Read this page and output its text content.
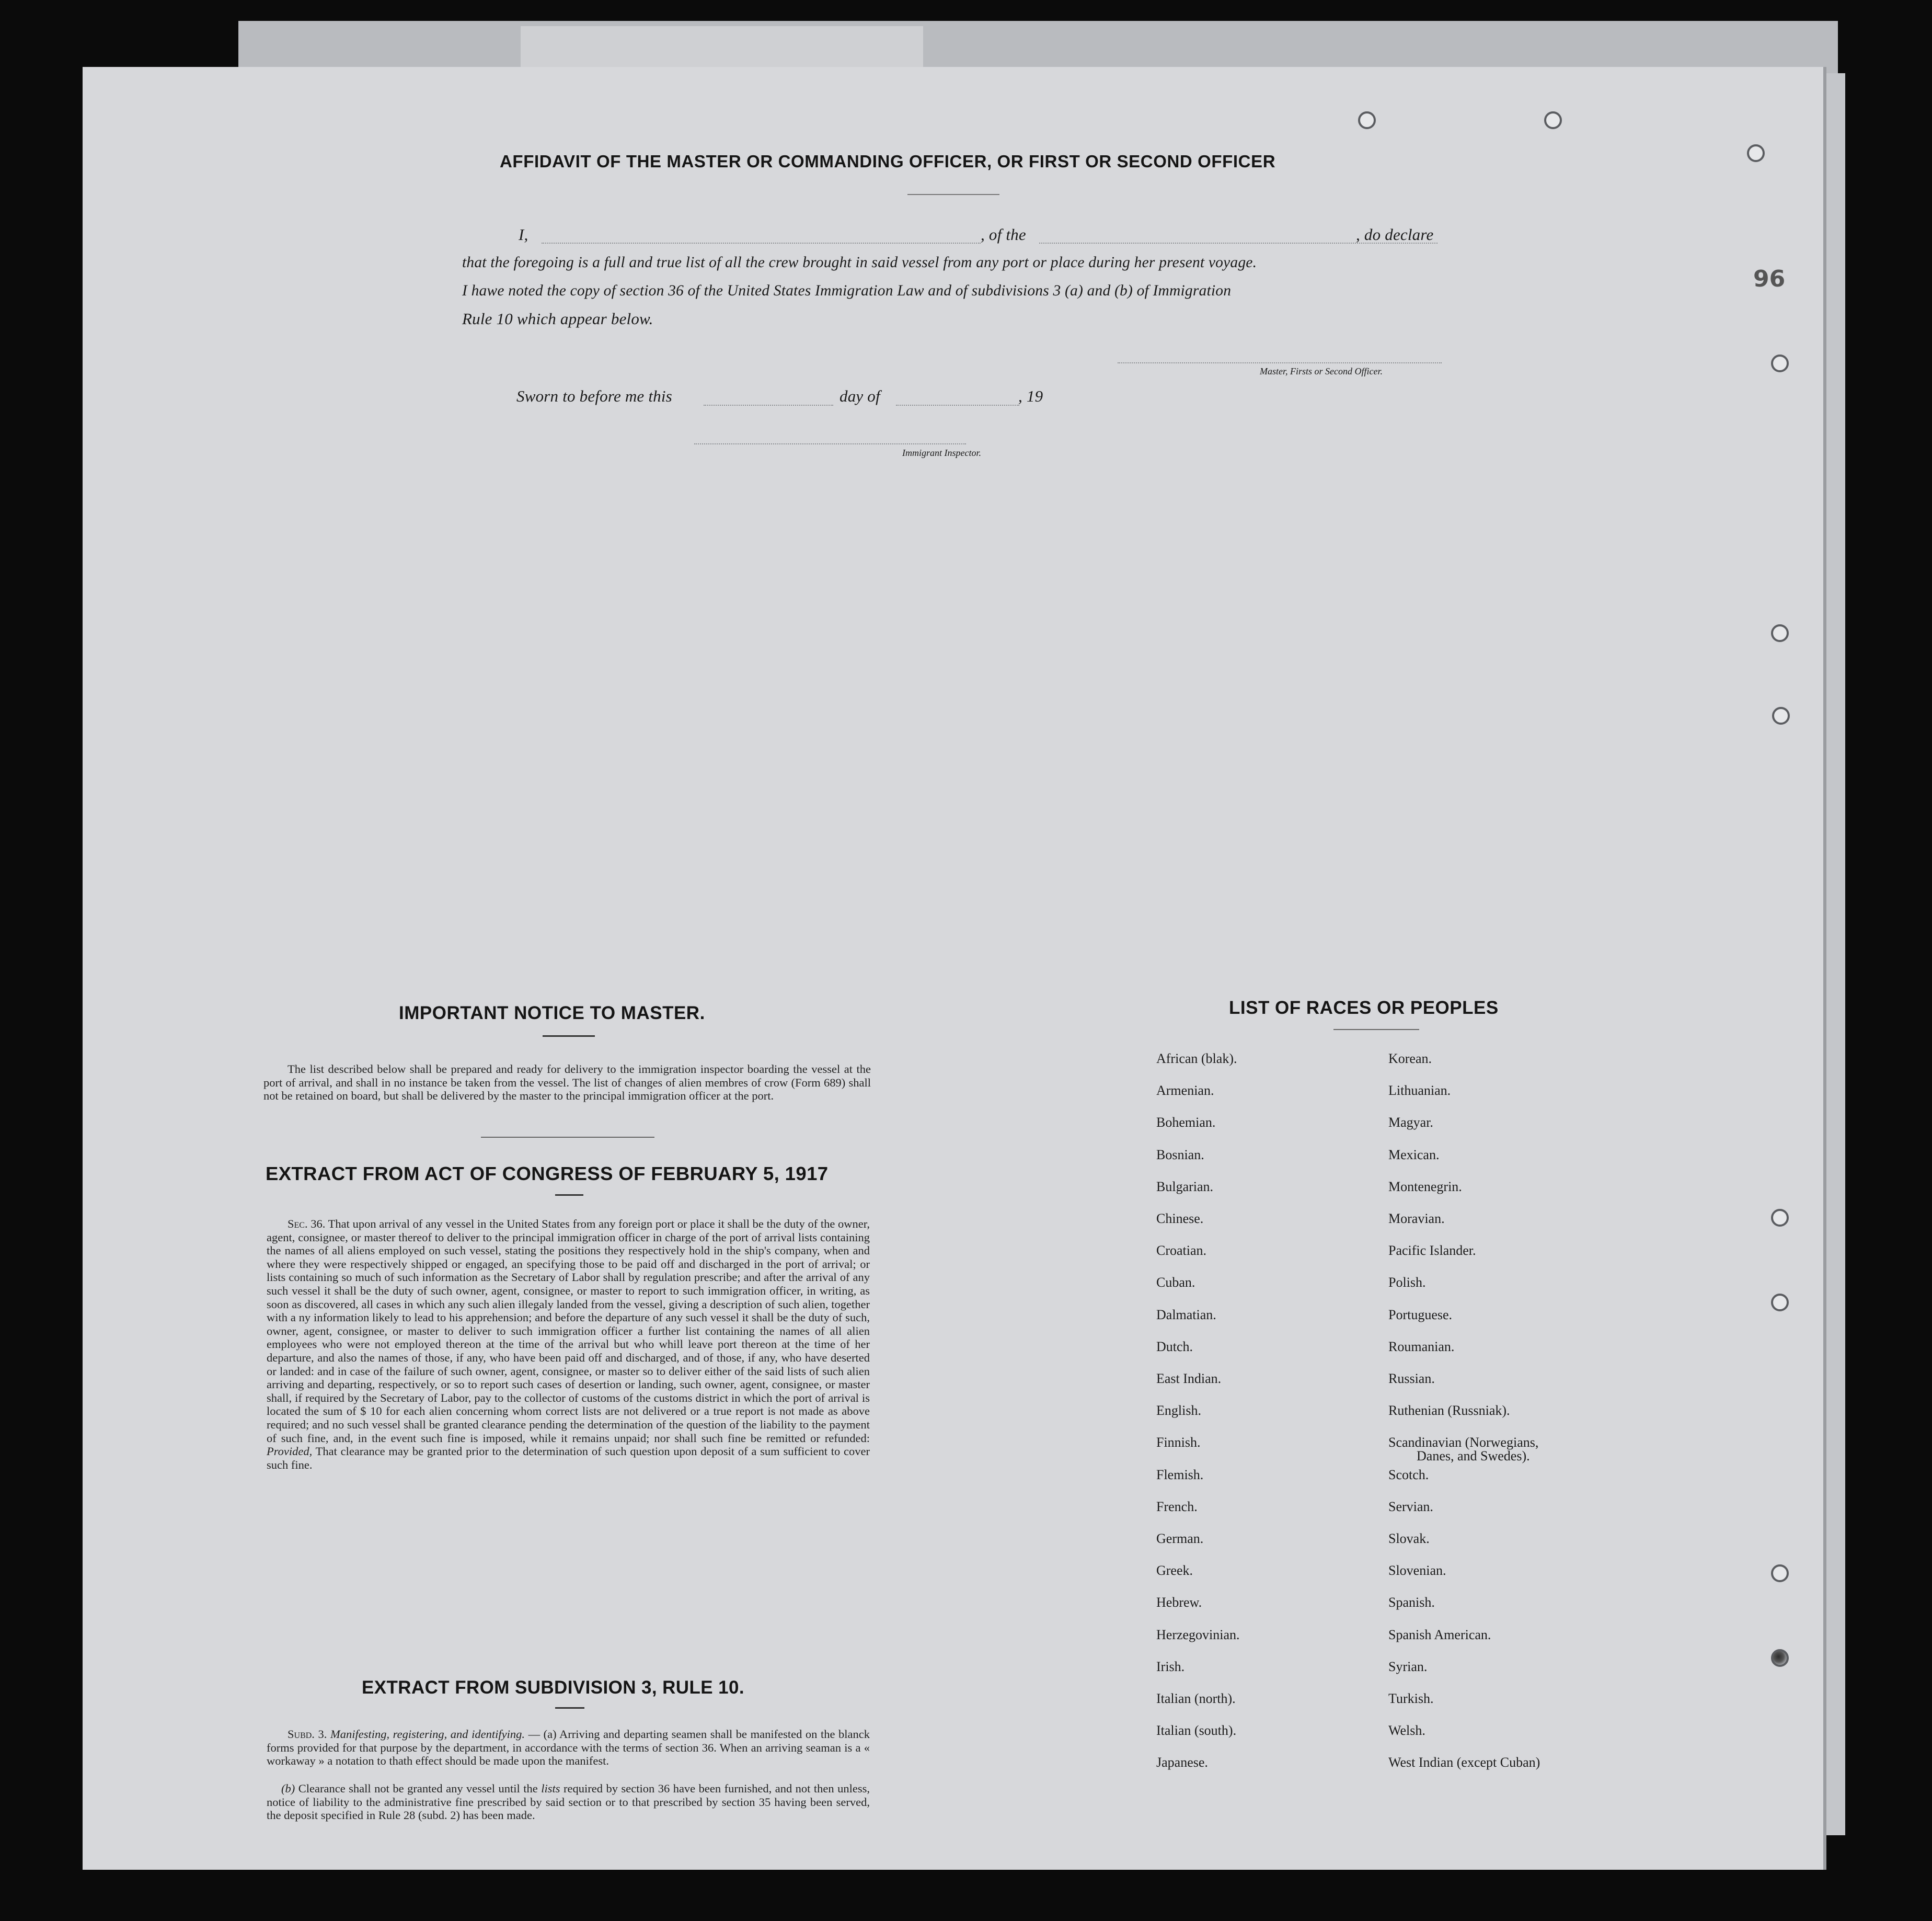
AFFIDAVIT OF THE MASTER OR COMMANDING OFFICER, OR FIRST OR SECOND OFFICER
I,	, of the	, do declare
that the foregoing is a full and true list of all the crew brought in said vessel from any port or place during her present voyage.
I hawe noted the copy of section 36 of the United States Immigration Law and of subdivisions 3 (a) and (b) of Immigration
Rule 10 which appear below.
Master, Firsts or Second Officer.
Sworn to before me this	day of	, 19
Immigrant Inspector.
IMPORTANT NOTICE TO MASTER.
The list described below shall be prepared and ready for delivery to the immigration inspector boarding the vessel at the port of arrival, and shall in no instance be taken from the vessel. The list of changes of alien membres of crow (Form 689) shall not be retained on board, but shall be delivered by the master to the principal immigration officer at the port.
EXTRACT FROM ACT OF CONGRESS OF FEBRUARY 5, 1917
Sec. 36. That upon arrival of any vessel in the United States from any foreign port or place it shall be the duty of the owner, agent, consignee, or master thereof to deliver to the principal immigration officer in charge of the port of arrival lists containing the names of all aliens employed on such vessel, stating the positions they respectively hold in the ship's company, when and where they were respectively shipped or engaged, an specifying those to be paid off and discharged in the port of arrival; or lists containing so much of such information as the Secretary of Labor shall by regulation prescribe; and after the arrival of any such vessel it shall be the duty of such owner, agent, consignee, or master to report to such immigration officer, in writing, as soon as discovered, all cases in which any such alien illegaly landed from the vessel, giving a description of such alien, together with a ny information likely to lead to his apprehension; and before the departure of any such vessel it shall be the duty of such, owner, agent, consignee, or master to deliver to such immigration officer a further list containing the names of all alien employees who were not employed thereon at the time of the arrival but who whill leave port thereon at the time of her departure, and also the names of those, if any, who have been paid off and discharged, and of those, if any, who have deserted or landed: and in case of the failure of such owner, agent, consignee, or master so to deliver either of the said lists of such alien arriving and departing, respectively, or so to report such cases of desertion or landing, such owner, agent, consignee, or master shall, if required by the Secretary of Labor, pay to the collector of customs of the customs district in which the port of arrival is located the sum of $ 10 for each alien concerning whom correct lists are not delivered or a true report is not made as above required; and no such vessel shall be granted clearance pending the determination of the question of the liability to the payment of such fine, and, in the event such fine is imposed, while it remains unpaid; nor shall such fine be remitted or refunded: Provided, That clearance may be granted prior to the determination of such question upon deposit of a sum sufficient to cover such fine.
EXTRACT FROM SUBDIVISION 3, RULE 10.
Subd. 3. Manifesting, registering, and identifying. — (a) Arriving and departing seamen shall be manifested on the blanck forms provided for that purpose by the department, in accordance with the terms of section 36. When an arriving seaman is a « workaway » a notation to thath effect should be made upon the manifest.
(b) Clearance shall not be granted any vessel until the lists required by section 36 have been furnished, and not then unless, notice of liability to the administrative fine prescribed by said section or to that prescribed by section 35 having been served, the deposit specified in Rule 28 (subd. 2) has been made.
LIST OF RACES OR PEOPLES
African (blak).
Armenian.
Bohemian.
Bosnian.
Bulgarian.
Chinese.
Croatian.
Cuban.
Dalmatian.
Dutch.
East Indian.
English.
Finnish.
Flemish.
French.
German.
Greek.
Hebrew.
Herzegovinian.
Irish.
Italian (north).
Italian (south).
Japanese.
Korean.
Lithuanian.
Magyar.
Mexican.
Montenegrin.
Moravian.
Pacific Islander.
Polish.
Portuguese.
Roumanian.
Russian.
Ruthenian (Russniak).
Scandinavian (Norwegians,
Danes, and Swedes).
Scotch.
Servian.
Slovak.
Slovenian.
Spanish.
Spanish American.
Syrian.
Turkish.
Welsh.
West Indian (except Cuban)
96
